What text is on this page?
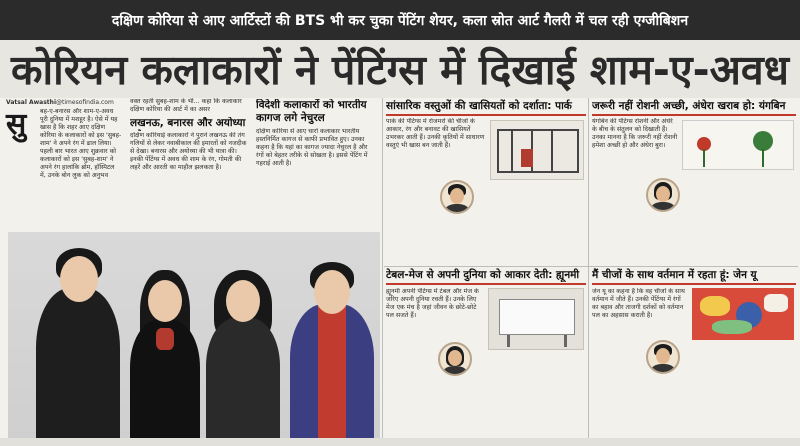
दक्षिण कोरिया से आए आर्टिस्टों की BTS भी कर चुका पेंटिंग शेयर, कला स्रोत आर्ट गैलरी में चल रही एग्जीबिशन
कोरियन कलाकारों ने पेंटिंग्स में दिखाई शाम-ए-अवध
Vatsal Awasthi@timesofindia.com
सु बह-ए-बनारस और शाम-ए-अवध पूरी दुनिया में मशहूर है। ऐसे में यह खास है कि शहर आए दक्षिण कोरिया के कलाकारों को इस 'सुबह-शाम' ने अपने रंग में ढाल लिया। पहली बार भारत आए शुक्रवार को कलाकारों को इस 'सुबह-शाम' ने अपने रंग हालांकि ब्रोम, हॉस्पिटल में, उनके बोन लुक को अनुभव
वक्त रहती सुबह-शाम के भी... कहा कि कलाकार दक्षिण कोरिया की आर्ट में का असर
लखनऊ, बनारस और अयोध्या
दक्षिण कोरियाई कलाकारों ने पुराने लखनऊ की तंग गलियों से लेकर नवाबीकाल की इमारतों को नजदीक से देखा। बनारस और अयोध्या की भी यात्रा की। इनकी पेंटिंग्स में अवध की शाम के रंग, गोमती की लहरें और आरती का माहौल झलकता है।
विदेशी कलाकारों को भारतीय कागज लगे नेचुरल
दक्षिण कोरिया से आए चारों कलाकार भारतीय हस्तनिर्मित कागज से काफी प्रभावित हुए। उनका कहना है कि यहां का कागज ज्यादा नेचुरल है और रंगों को बेहतर तरीके से सोखता है। इससे पेंटिंग में गहराई आती है।
सांसारिक वस्तुओं की खासियतों को दर्शाता: पार्क
पार्क की पेंटिंग्स में रोजमर्रा की चीजों के आकार, रंग और बनावट की खासियतें उभरकर आती हैं। उनकी कृतियों में साधारण वस्तुएं भी खास बन जाती हैं।
जरूरी नहीं रोशनी अच्छी, अंधेरा खराब हो: यंगबिन
यंगबिन की पेंटिंग्स रोशनी और अंधेरे के बीच के संतुलन को दिखाती हैं। उनका मानना है कि जरूरी नहीं रोशनी हमेशा अच्छी हो और अंधेरा बुरा।
टेबल-मेज से अपनी दुनिया को आकार देती: ह्यूनमी
ह्यूनमी अपनी पेंटिंग्स में टेबल और मेज के जरिए अपनी दुनिया रचती हैं। उनके लिए मेज एक मंच है जहां जीवन के छोटे-छोटे पल सजते हैं।
मैं चीजों के साथ वर्तमान में रहता हूं: जेन यू
जेन यू का कहना है कि वह चीजों के साथ वर्तमान में जीते हैं। उनकी पेंटिंग्स में रंगों का बहाव और ताजगी दर्शकों को वर्तमान पल का अहसास कराती है।
